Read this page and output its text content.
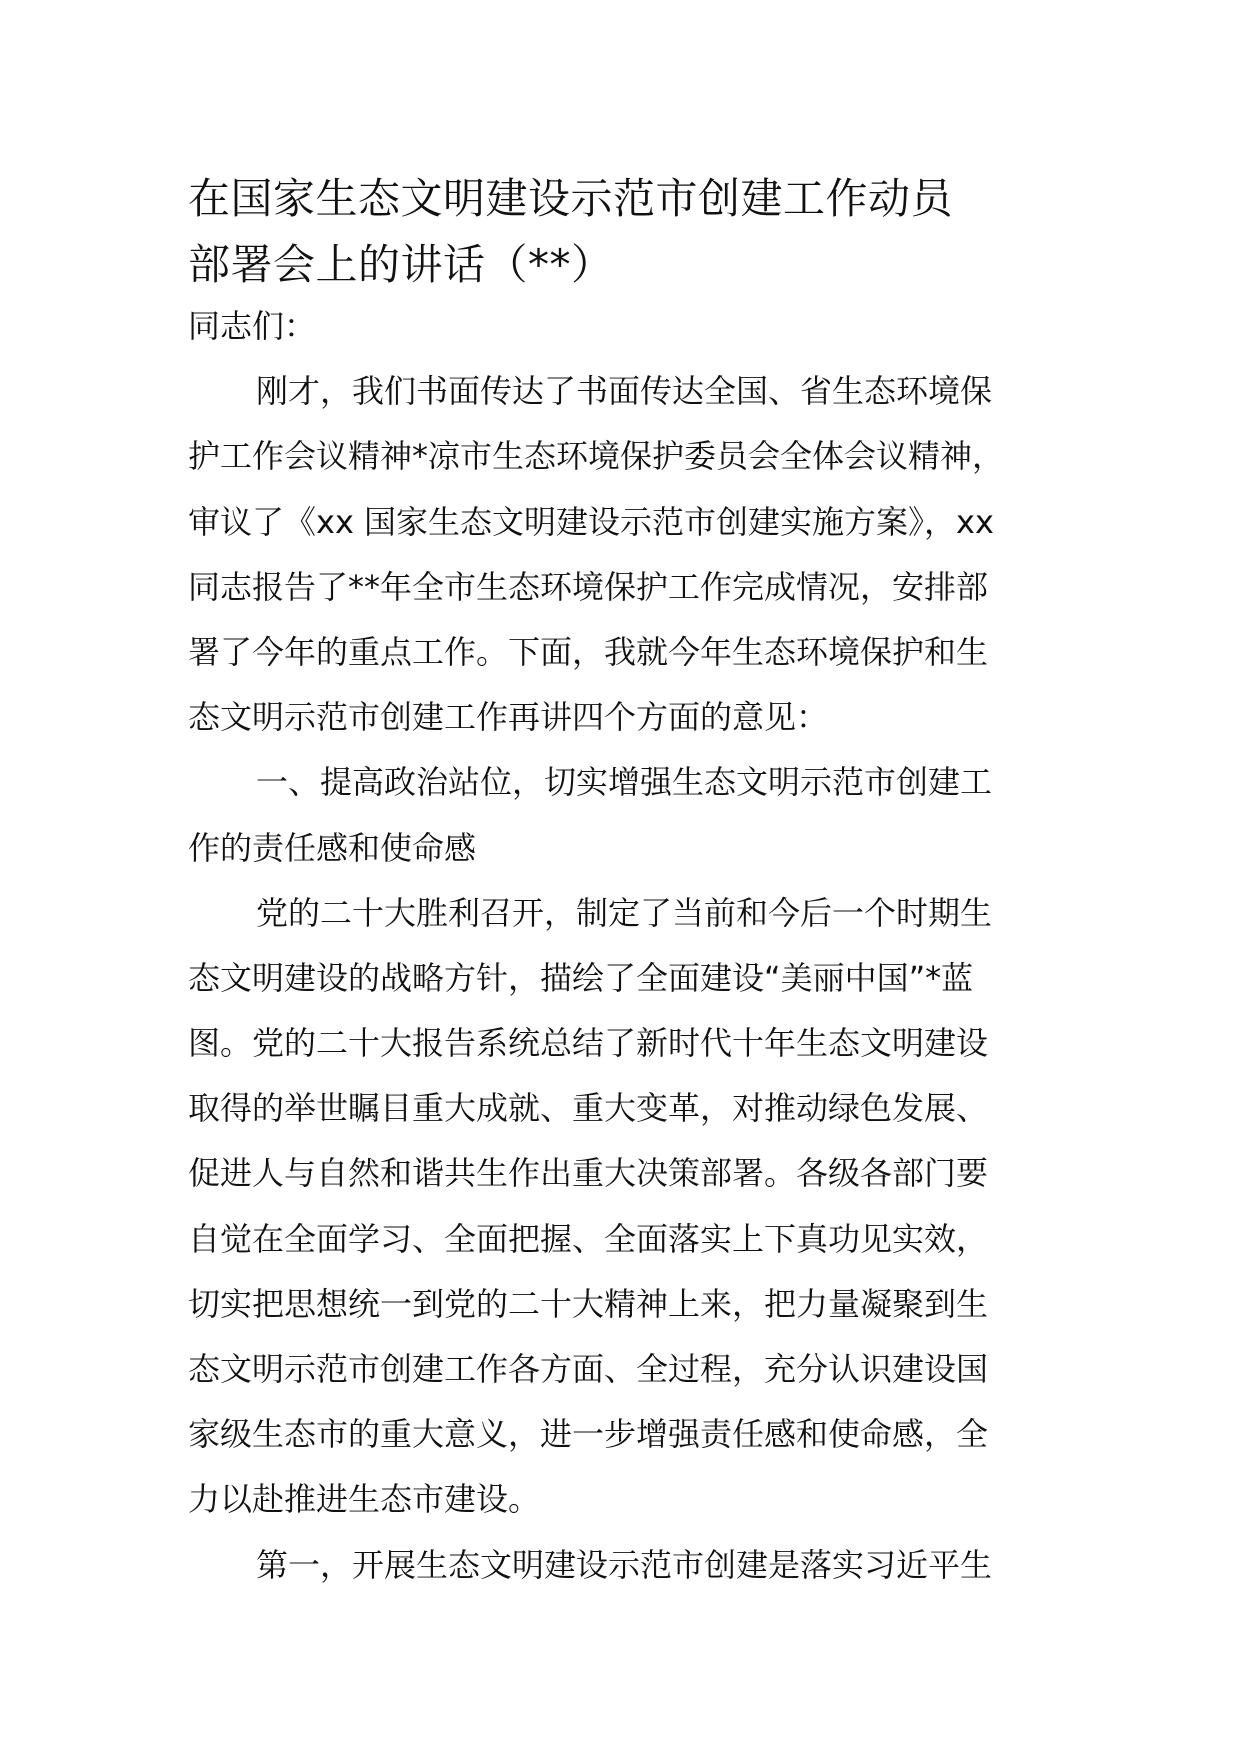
在国家生态文明建设示范市创建工作动员
部署会上的讲话（**）
同志们：
刚才，我们书面传达了书面传达全国、省生态环境保
护工作会议精神*凉市生态环境保护委员会全体会议精神，
审议了《xx 国家生态文明建设示范市创建实施方案》，xx
同志报告了**年全市生态环境保护工作完成情况，安排部
署了今年的重点工作。下面，我就今年生态环境保护和生
态文明示范市创建工作再讲四个方面的意见：
一、提高政治站位，切实增强生态文明示范市创建工
作的责任感和使命感
党的二十大胜利召开，制定了当前和今后一个时期生
态文明建设的战略方针，描绘了全面建设“美丽中国”*蓝
图。党的二十大报告系统总结了新时代十年生态文明建设
取得的举世瞩目重大成就、重大变革，对推动绿色发展、
促进人与自然和谐共生作出重大决策部署。各级各部门要
自觉在全面学习、全面把握、全面落实上下真功见实效，
切实把思想统一到党的二十大精神上来，把力量凝聚到生
态文明示范市创建工作各方面、全过程，充分认识建设国
家级生态市的重大意义，进一步增强责任感和使命感，全
力以赴推进生态市建设。
第一，开展生态文明建设示范市创建是落实习近平生
